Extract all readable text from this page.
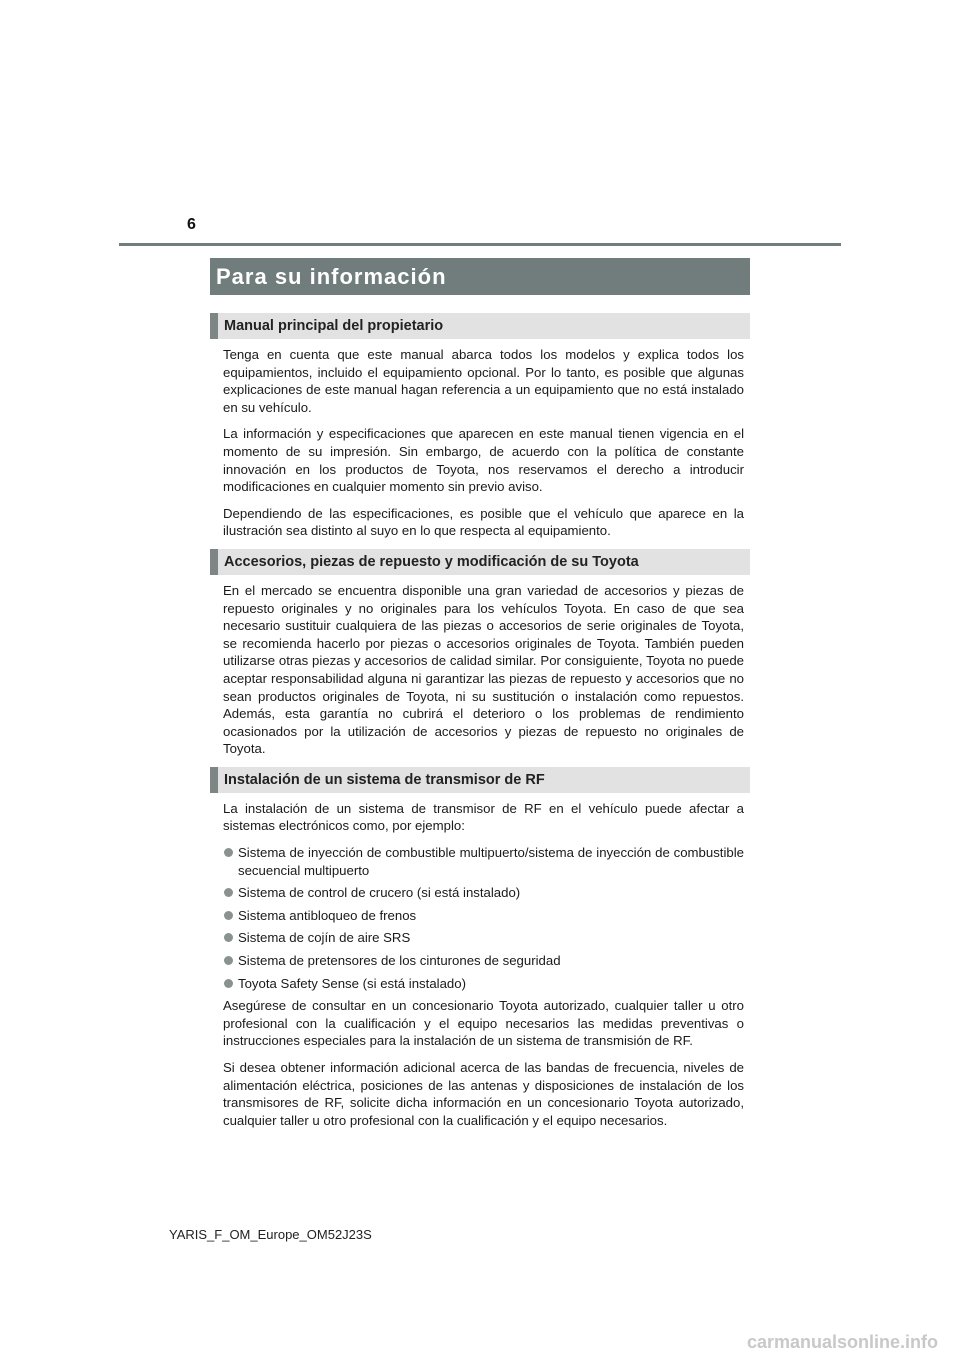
6
Para su información
Manual principal del propietario

Tenga en cuenta que este manual abarca todos los modelos y explica todos los equipamientos, incluido el equipamiento opcional. Por lo tanto, es posible que algunas explicaciones de este manual hagan referencia a un equipamiento que no está instalado en su vehículo.

La información y especificaciones que aparecen en este manual tienen vigencia en el momento de su impresión. Sin embargo, de acuerdo con la política de constante innovación en los productos de Toyota, nos reservamos el derecho a introducir modificaciones en cualquier momento sin previo aviso.

Dependiendo de las especificaciones, es posible que el vehículo que aparece en la ilustración sea distinto al suyo en lo que respecta al equipamiento.

Accesorios, piezas de repuesto y modificación de su Toyota

En el mercado se encuentra disponible una gran variedad de accesorios y piezas de repuesto originales y no originales para los vehículos Toyota. En caso de que sea necesario sustituir cualquiera de las piezas o accesorios de serie originales de Toyota, se recomienda hacerlo por piezas o accesorios originales de Toyota. También pueden utilizarse otras piezas y accesorios de calidad similar. Por consiguiente, Toyota no puede aceptar responsabilidad alguna ni garantizar las piezas de repuesto y accesorios que no sean productos originales de Toyota, ni su sustitución o instalación como repuestos. Además, esta garantía no cubrirá el deterioro o los problemas de rendimiento ocasionados por la utilización de accesorios y piezas de repuesto no originales de Toyota.

Instalación de un sistema de transmisor de RF

La instalación de un sistema de transmisor de RF en el vehículo puede afectar a sistemas electrónicos como, por ejemplo:

Sistema de inyección de combustible multipuerto/sistema de inyección de combustible secuencial multipuerto
Sistema de control de crucero (si está instalado)
Sistema antibloqueo de frenos
Sistema de cojín de aire SRS
Sistema de pretensores de los cinturones de seguridad
Toyota Safety Sense (si está instalado)

Asegúrese de consultar en un concesionario Toyota autorizado, cualquier taller u otro profesional con la cualificación y el equipo necesarios las medidas preventivas o instrucciones especiales para la instalación de un sistema de transmisión de RF.

Si desea obtener información adicional acerca de las bandas de frecuencia, niveles de alimentación eléctrica, posiciones de las antenas y disposiciones de instalación de los transmisores de RF, solicite dicha información en un concesionario Toyota autorizado, cualquier taller u otro profesional con la cualificación y el equipo necesarios.

YARIS_F_OM_Europe_OM52J23S
carmanualsonline.info
